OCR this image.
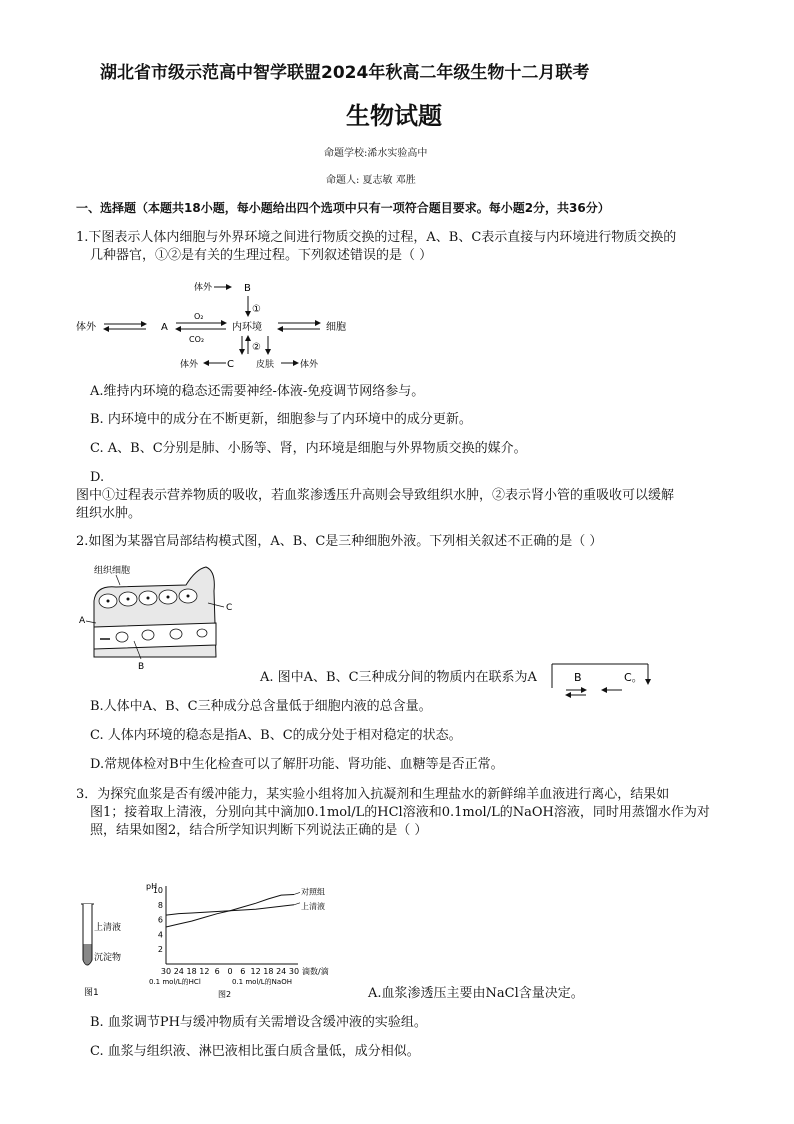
湖北省市级示范高中智学联盟2024年秋高二年级生物十二月联考
生物试题
命题学校:浠水实验高中
命题人: 夏志敏 邓胜
一、选择题（本题共18小题，每小题给出四个选项中只有一项符合题目要求。每小题2分，共36分）
1.下图表示人体内细胞与外界环境之间进行物质交换的过程，A、B、C表示直接与内环境进行物质交换的
几种器官，①②是有关的生理过程。下列叙述错误的是（ ）
体外	A
O₂
CO₂
内环境	细胞
体外	B
①
②
体外	C 皮肤	体外
A.维持内环境的稳态还需要神经-体液-免疫调节网络参与。
B. 内环境中的成分在不断更新，细胞参与了内环境中的成分更新。
C. A、B、C分别是肺、小肠等、肾，内环境是细胞与外界物质交换的媒介。
D.
图中①过程表示营养物质的吸收，若血浆渗透压升高则会导致组织水肿，②表示肾小管的重吸收可以缓解
组织水肿。
2.如图为某器官局部结构模式图，A、B、C是三种细胞外液。下列相关叙述不正确的是（ ）
组织细胞
A
B
C
A. 图中A、B、C三种成分间的物质内在联系为A	B	C。
B.人体中A、B、C三种成分总含量低于细胞内液的总含量。
C. 人体内环境的稳态是指A、B、C的成分处于相对稳定的状态。
D.常规体检对B中生化检查可以了解肝功能、肾功能、血糖等是否正常。
3．为探究血浆是否有缓冲能力，某实验小组将加入抗凝剂和生理盐水的新鲜绵羊血液进行离心，结果如
图1；接着取上清液，分别向其中滴加0.1mol/L的HCl溶液和0.1mol/L的NaOH溶液，同时用蒸馏水作为对
照，结果如图2，结合所学知识判断下列说法正确的是（ ）
上清液
沉淀物
图1
pH
10
8
6
4
2
30 24 18 12 6 0 6 12 18 24 30 滴数/滴
0.1 mol/L的HCl	0.1 mol/L的NaOH
图2
对照组
上清液
A.血浆渗透压主要由NaCl含量决定。
B. 血浆调节PH与缓冲物质有关需增设含缓冲液的实验组。
C. 血浆与组织液、淋巴液相比蛋白质含量低，成分相似。
